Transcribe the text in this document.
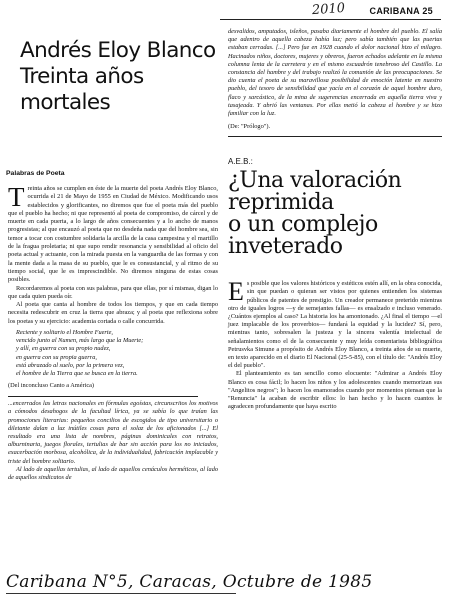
2010	CARIBANA 25
Andrés Eloy Blanco
Treinta años
mortales
Palabras de Poeta
Treinta años se cumplen en éste de la muerte del poeta Andrés Eloy Blanco, ocurrida el 21 de Mayo de 1955 en Ciudad de México. Modificando usos establecidos y glorificantes, no diremos que fue el poeta más del pueblo que el pueblo ha hecho; ni que representó al poeta de compromiso, de cárcel y de muerte en cada puerta, a lo largo de años consecuentes y a lo ancho de manos progresistas; al que encauzó al poeta que no desdeña nada que del hombre sea, sin temor a tocar con costumbre solidaria la arcilla de la casa campesina y el martillo de la fragua proletaria; ni que supo rendir resonancia y sensibilidad al oficio del poeta actual y actuante, con la mirada puesta en la vanguardia de las formas y con la mente dada a la masa de su pueblo, que le es consustancial, y al ritmo de su tiempo social, que le es imprescindible. No diremos ninguna de estas cosas posibles.
Recordaremos al poeta con sus palabras, para que ellas, por sí mismas, digan lo que cada quien pueda oír.
Al poeta que canta al hombre de todos los tiempos, y que en cada tiempo necesita redescubrir en cruz la tierra que abraza; y al poeta que reflexiona sobre los poetas y su ejercicio: academia cortada o calle concurrida.
Reciente y solitario el Hombre Fuerte,
vencido junto al Numen, más largo que la Muerte;
y allí, en guerra con su propio nudez,
en guerra con su propia guerra,
está abrazado al suelo, por la primera vez,
el hombre de la Tierra que se busca en la tierra.
(Del inconcluso Canto a América)
...encerrados las letras nacionales en fórmulas egoístas, circunscritos los motivos a cómodos desahogos de la facultad lírica, ya se sabía lo que traían las promociones literarias: pequeños concilios de escogidos de tipo universitario o diletante dalan a luz inútiles cosas para el solaz de los aficionados [...] El resultado era una lista de nombres, páginas dominicales con retratos, alburninaria, juegos florales, tertulias de bar sin acción para los no iniciados, exacerbación morbosa, alcohólica, de la individualidad, fabricación implacable y triste del hombre solitario.
Al lado de aquellas tertulias, al lado de aquellos cenáculos herméticos, al lado de aquellos sindicatos de
desvalidos, amputados, isleños, pasaba diariamente el hombre del pueblo. El salía que adentro de aquella cabeza había luz; pero sabía también que las puertas estaban cerradas. [...] Pero fue en 1928 cuando el dolor nacional hizo el milagro. Hacinados niños, doctores, mujeres y obreros, fueron echados adelante en la misma columna lenta de la carretera y en el mismo escuadrón tenebroso del Castillo. La constancia del hambre y del trabajo realizó la comunión de las preocupaciones. Se dio cuenta el poeta de su maravillosa posibilidad de emoción latente en nuestro pueblo, del tesoro de sensibilidad que yacía en el corazón de aquel hombre duro, flaco y sarcástico, de la mina de sugerencias encerrada en aquella tierra viva y tasajeada. Y abrió las ventanas. Por ellas metió la cabeza el hombre y se hizo familiar con la luz.
(De: "Prólogo").
A.E.B.:
¿Una valoración
reprimida
o un complejo
inveterado
Es posible que los valores históricos y estéticos estén allí, en la obra conocida, sin que puedan o quieran ser vistos por quienes entienden los sistemas públicos de patentes de prestigio. Un creador permanece preterido mientras otro de iguales logros —y de semejantes fallas— es ensalzado e incluso venerado. ¿Cuántos ejemplos al caso? La historia los ha amontonado. ¿Al final el tiempo —el juez implacable de los proverbios— fundará la equidad y la lucidez? Sí, pero, mientras tanto, sobresalen la justeza y la sincera valentía intelectual de señalamientos como el de la consecuente y muy leída comentarista bibliográfica Petrusvka Simune a propósito de Andrés Eloy Blanco, a treinta años de su muerte, en texto aparecido en el diario El Nacional (25-5-85), con el título de: "Andrés Eloy el del pueblo".
El planteamiento es tan sencillo como elocuente: "Admirar a Andrés Eloy Blanco es cosa fácil; lo hacen los niños y los adolescentes cuando memorizan sus "Angelitos negros"; lo hacen los enamorados cuando por momentos piensan que la "Renuncia" la acaban de escribir ellos: lo han hecho y lo hacen cuantos le agradecen profundamente que haya escrito
Caribana N°5, Caracas, Octubre de 1985
